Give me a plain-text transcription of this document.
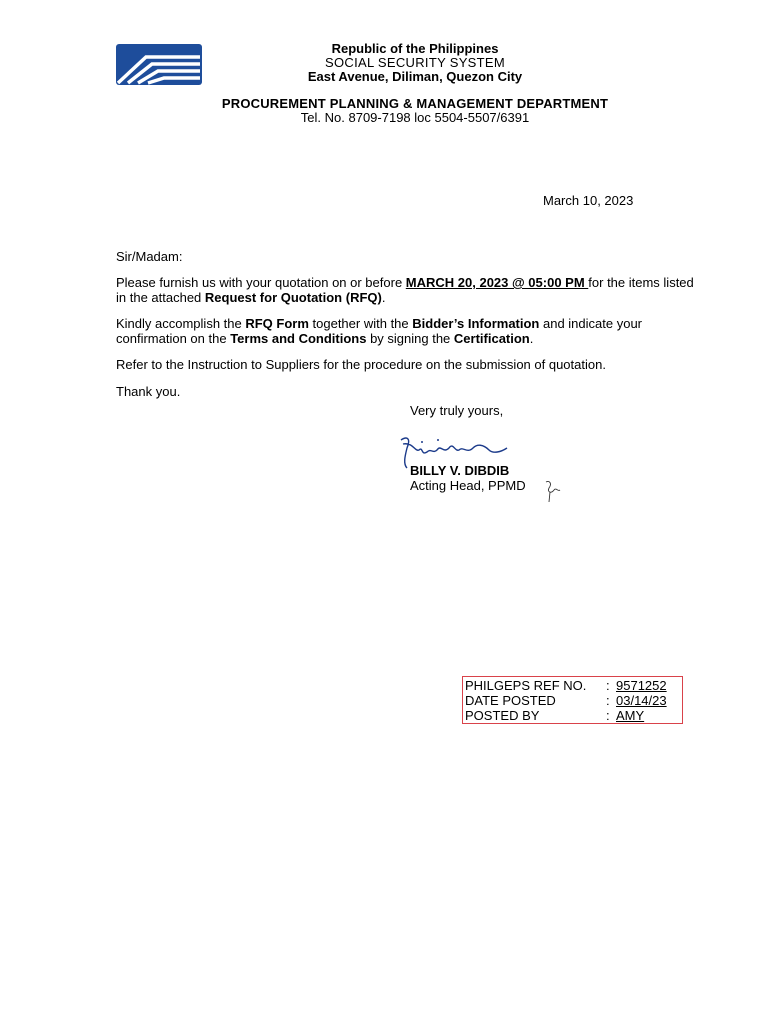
Republic of the Philippines
SOCIAL SECURITY SYSTEM
East Avenue, Diliman, Quezon City
PROCUREMENT PLANNING & MANAGEMENT DEPARTMENT
Tel. No. 8709-7198 loc 5504-5507/6391
March 10, 2023
Sir/Madam:
Please furnish us with your quotation on or before MARCH 20, 2023 @ 05:00 PM for the items listed in the attached Request for Quotation (RFQ).
Kindly accomplish the RFQ Form together with the Bidder’s Information and indicate your confirmation on the Terms and Conditions by signing the Certification.
Refer to the Instruction to Suppliers for the procedure on the submission of quotation.
Thank you.
Very truly yours,
BILLY V. DIBDIB
Acting Head, PPMD
PHILGEPS REF NO. : 9571252
DATE POSTED	: 03/14/23
POSTED BY	: AMY
